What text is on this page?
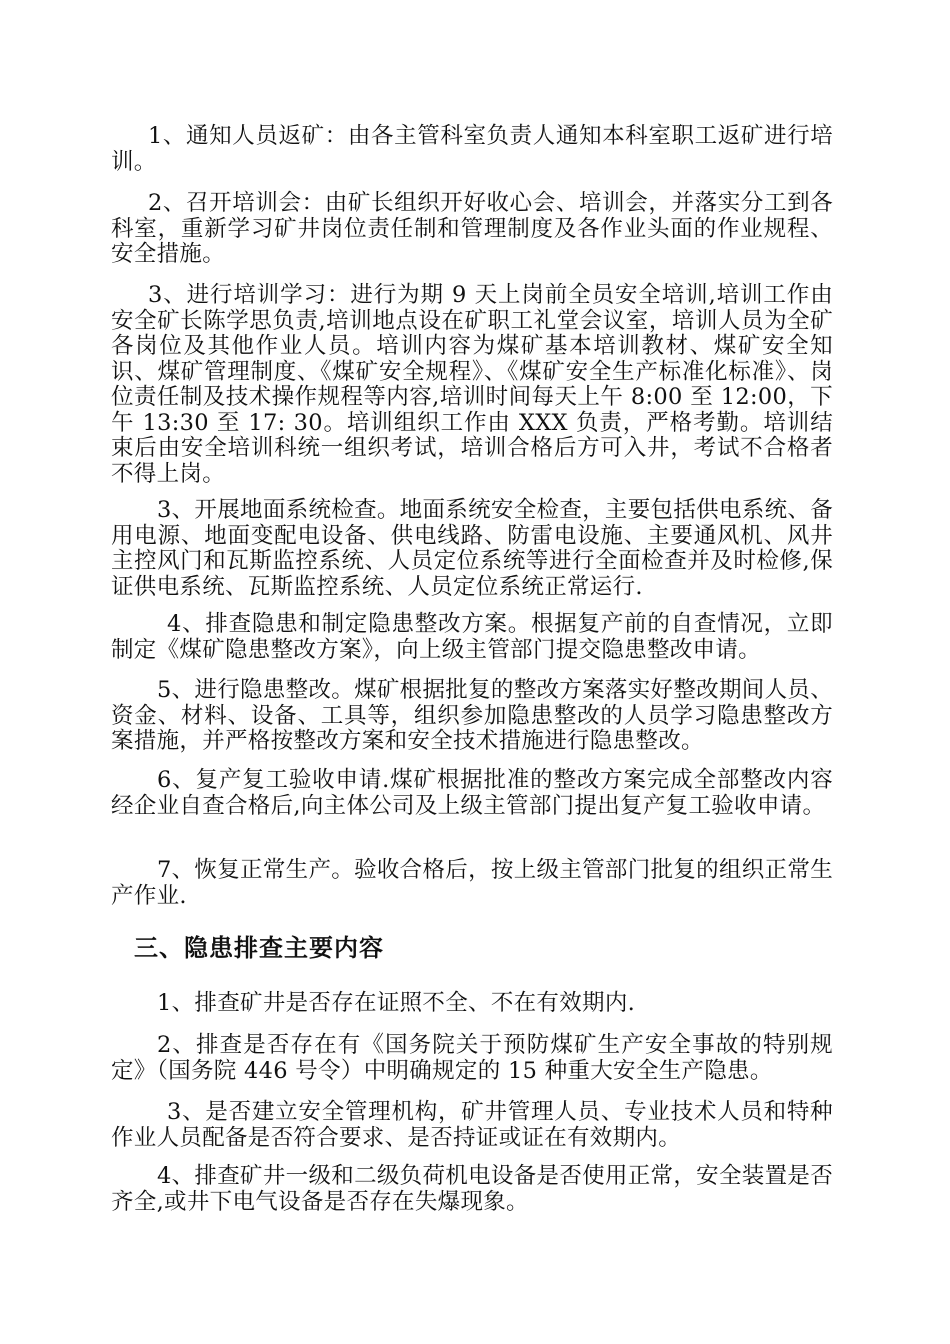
1、通知人员返矿：由各主管科室负责人通知本科室职工返矿进行培训。

2、召开培训会：由矿长组织开好收心会、培训会，并落实分工到各科室，重新学习矿井岗位责任制和管理制度及各作业头面的作业规程、安全措施。

3、进行培训学习：进行为期 9 天上岗前全员安全培训,培训工作由安全矿长陈学思负责,培训地点设在矿职工礼堂会议室，培训人员为全矿各岗位及其他作业人员。培训内容为煤矿基本培训教材、煤矿安全知识、煤矿管理制度、《煤矿安全规程》、《煤矿安全生产标准化标准》、岗位责任制及技术操作规程等内容,培训时间每天上午 8:00 至 12:00，下午 13:30 至 17: 30。培训组织工作由 XXX 负责，严格考勤。培训结束后由安全培训科统一组织考试，培训合格后方可入井，考试不合格者不得上岗。

3、开展地面系统检查。地面系统安全检查，主要包括供电系统、备用电源、地面变配电设备、供电线路、防雷电设施、主要通风机、风井主控风门和瓦斯监控系统、人员定位系统等进行全面检查并及时检修,保证供电系统、瓦斯监控系统、人员定位系统正常运行.

4、排查隐患和制定隐患整改方案。根据复产前的自查情况，立即制定《煤矿隐患整改方案》，向上级主管部门提交隐患整改申请。

5、进行隐患整改。煤矿根据批复的整改方案落实好整改期间人员、资金、材料、设备、工具等，组织参加隐患整改的人员学习隐患整改方案措施，并严格按整改方案和安全技术措施进行隐患整改。

6、复产复工验收申请.煤矿根据批准的整改方案完成全部整改内容经企业自查合格后,向主体公司及上级主管部门提出复产复工验收申请。

7、恢复正常生产。验收合格后，按上级主管部门批复的组织正常生产作业.

三、隐患排查主要内容

1、排查矿井是否存在证照不全、不在有效期内.

2、排查是否存在有《国务院关于预防煤矿生产安全事故的特别规定》（国务院 446 号令）中明确规定的 15 种重大安全生产隐患。

3、是否建立安全管理机构，矿井管理人员、专业技术人员和特种作业人员配备是否符合要求、是否持证或证在有效期内。

4、排查矿井一级和二级负荷机电设备是否使用正常，安全装置是否齐全,或井下电气设备是否存在失爆现象。
